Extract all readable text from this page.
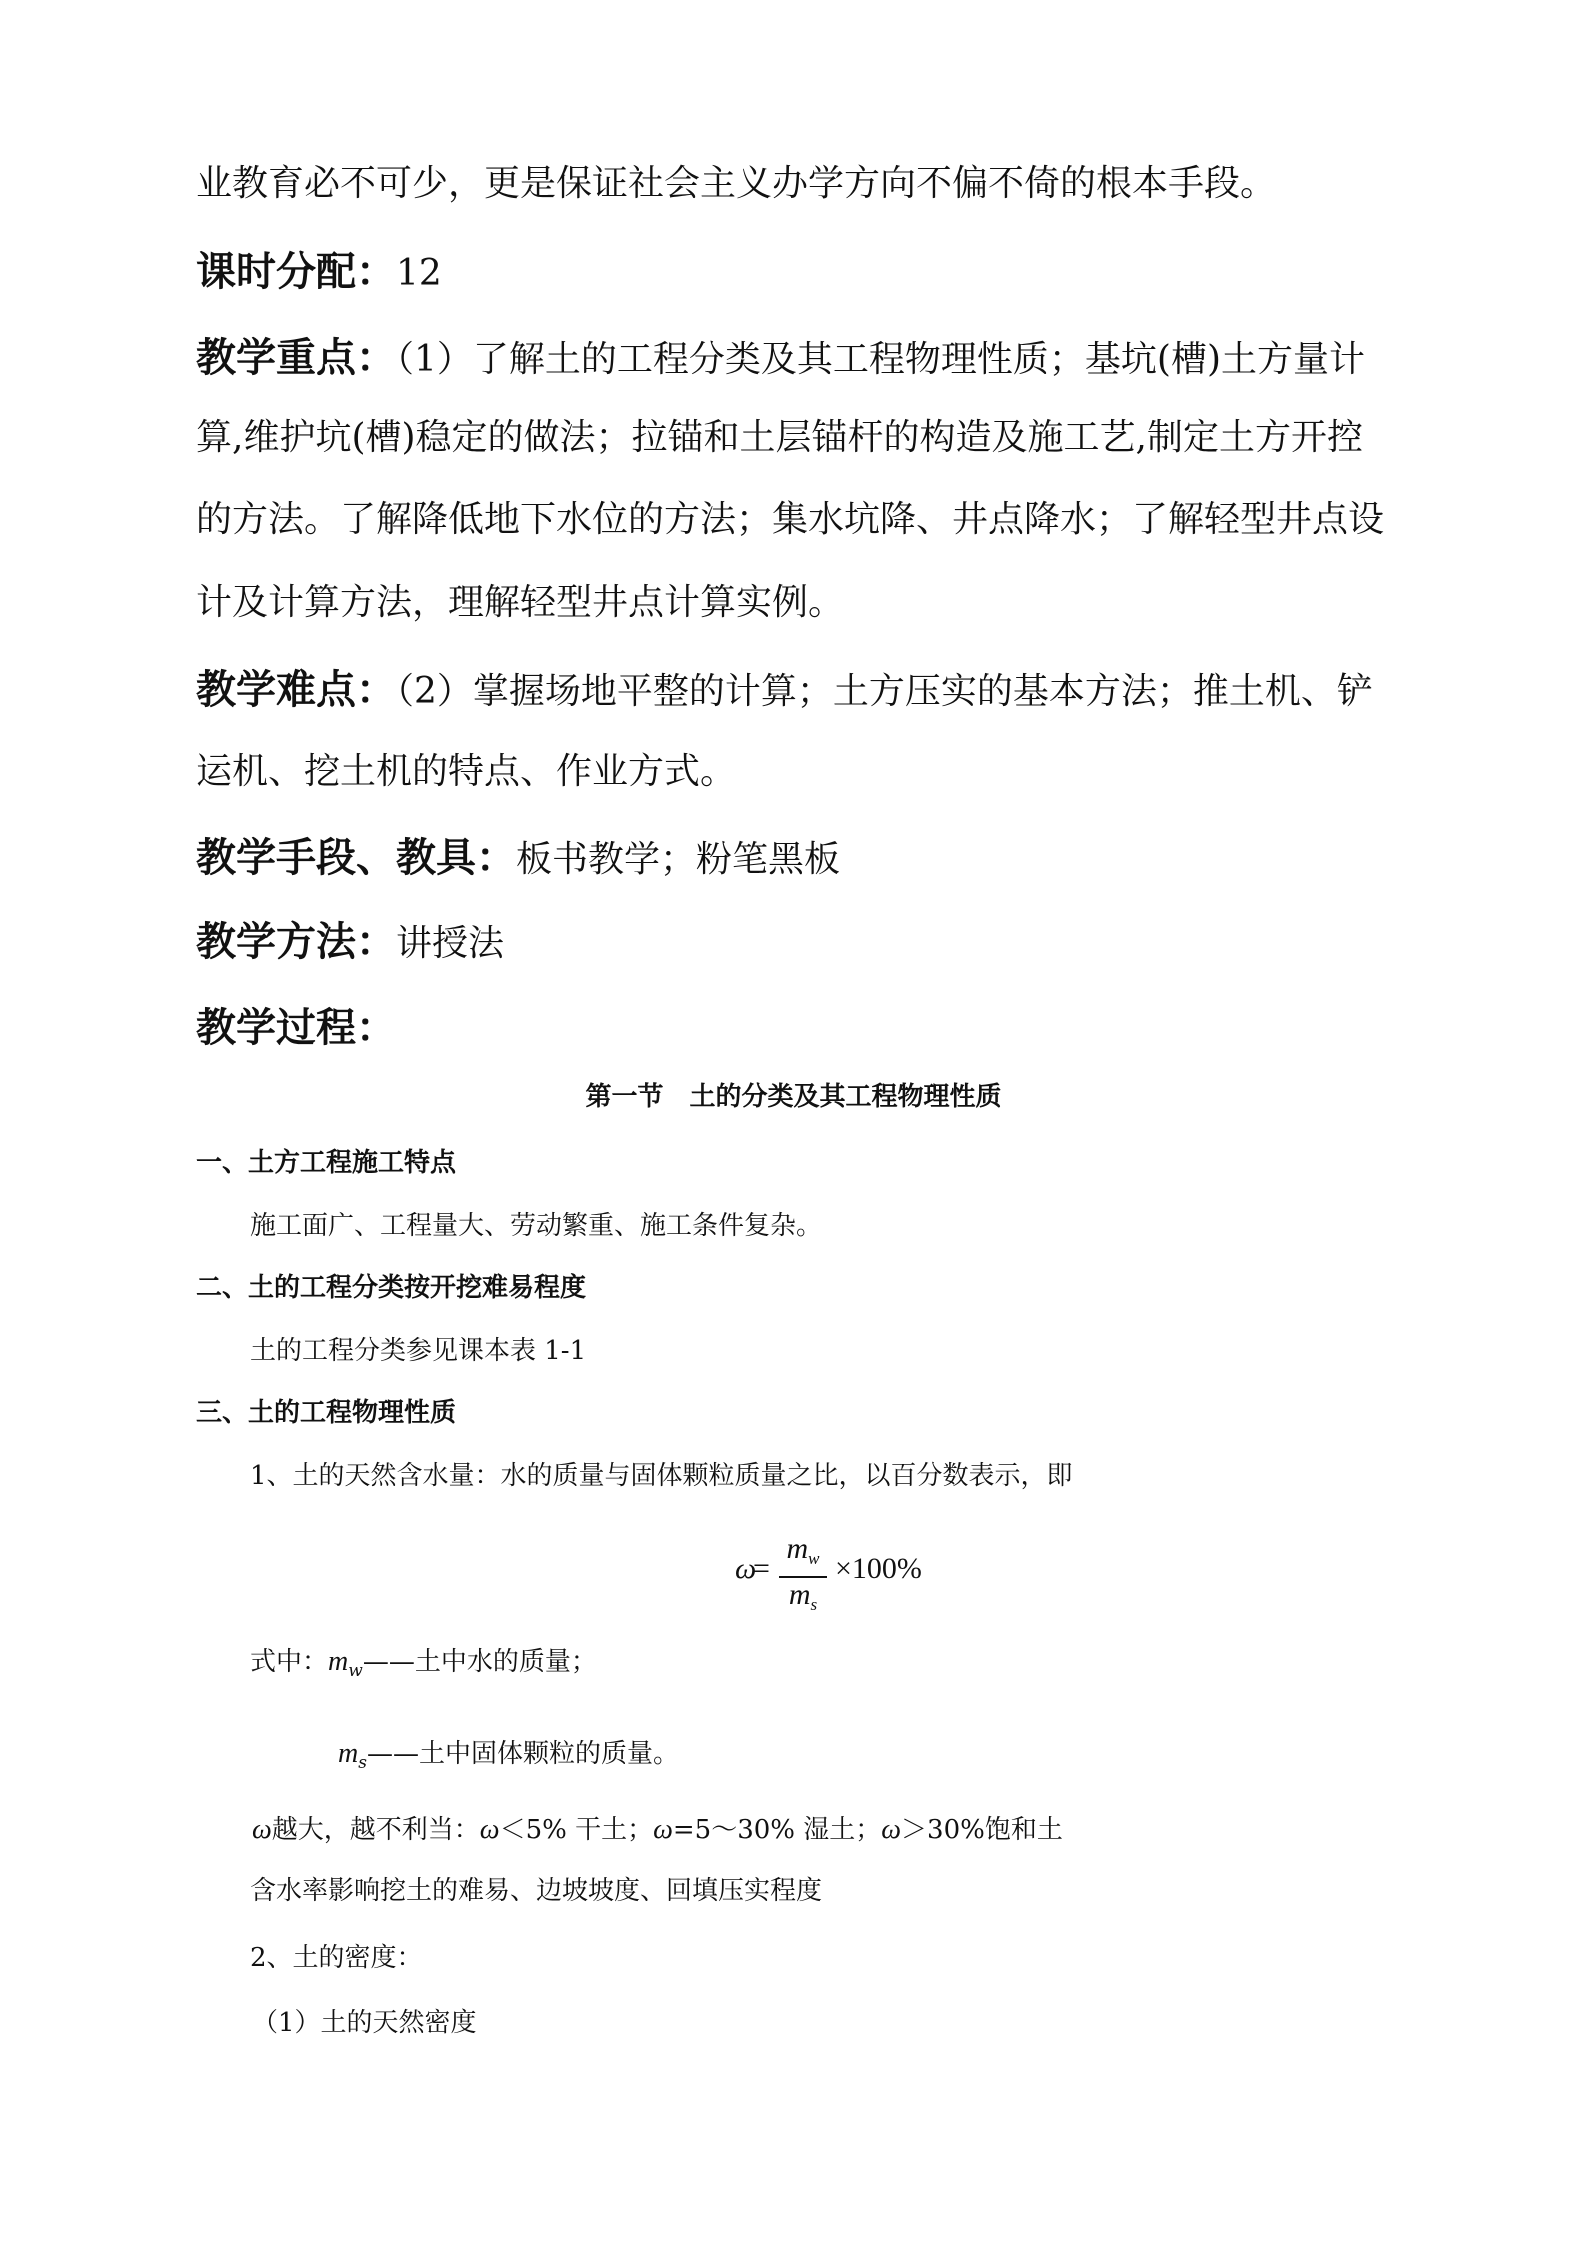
业教育必不可少，更是保证社会主义办学方向不偏不倚的根本手段。
课时分配：12
教学重点：（1）了解土的工程分类及其工程物理性质；基坑(槽)土方量计
算,维护坑(槽)稳定的做法；拉锚和土层锚杆的构造及施工艺,制定土方开控
的方法。了解降低地下水位的方法；集水坑降、井点降水；了解轻型井点设
计及计算方法，理解轻型井点计算实例。
教学难点：（2）掌握场地平整的计算；土方压实的基本方法；推土机、铲
运机、挖土机的特点、作业方式。
教学手段、教具：板书教学；粉笔黑板
教学方法：讲授法
教学过程：
第一节　土的分类及其工程物理性质
一、土方工程施工特点
施工面广、工程量大、劳动繁重、施工条件复杂。
二、土的工程分类按开挖难易程度
土的工程分类参见课本表 1-1
三、土的工程物理性质
1、土的天然含水量：水的质量与固体颗粒质量之比，以百分数表示，即
ω
=
$m_w$
$m_s$
×100%
式中：$m_w——$土中水的质量；
$m_s——$土中固体颗粒的质量。
ω越大，越不利当：ω＜5% 干土；ω=5～30% 湿土；ω＞30%饱和土
含水率影响挖土的难易、边坡坡度、回填压实程度
2、土的密度：
（1）土的天然密度
